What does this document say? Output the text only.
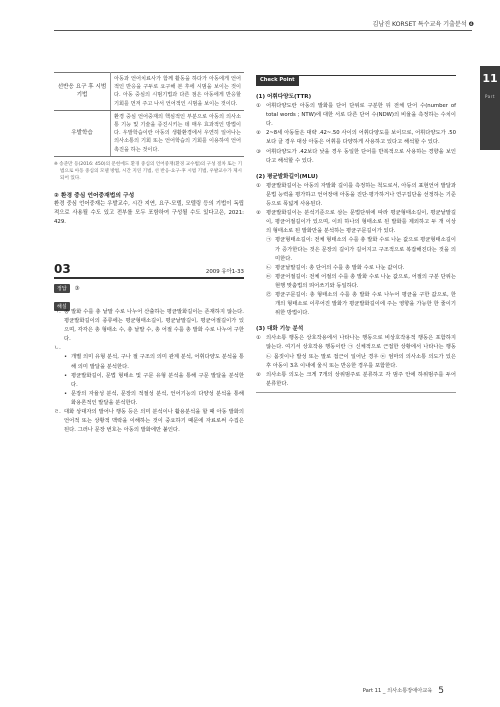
김남진 KORSET 특수교육 기출분석 ❹
11
Part
선반응 요구 후 시범 기법	아동과 언어치료사가 함께 활동을 하다가 아동에게 언어적인 반응을 구두로 요구해 본 후에 시범을 보이는 것이다. 아동 중심의 시범기법과 다른 점은 아동에게 반응할 기회를 먼저 주고 나서 언어적인 시범을 보이는 것이다.
우발학습	환경 중심 언어중재의 핵심적인 부분으로 아동의 의사소통 기능 및 기술을 증진시키는 데 매우 효과적인 방법이다. 우발학습이란 아동의 생활환경에서 우연히 일어나는 의사소통의 기회 또는 언어학습의 기회를 이용하여 언어촉진을 하는 것이다.
※ 송준만 등(2016: 450)의 문헌에도 환경 중심의 언어중재(환경 교수법)의 구성 절차 또는 기법으로 아동 중심의 모델 방법, 시간 지연 기법, 선 반응-요구-후 시범 기법, 우발교수가 제시되어 있다.
② 환경 중심 언어중재법의 구성
환경 중심 언어중재는 우발교수, 시간 지연, 요구-모델, 모델링 등의 기법이 독립적으로 사용될 수도 있고 전부를 모두 포함하여 구성될 수도 있다고은, 2021: 429.
03	2009 유아1-33
정답 ③
해설
ㄱ. 총 발화 수를 총 낱말 수로 나누어 산출하는 평균발화길이는 존재하지 않는다. 평균발화길이의 종류에는 평균형태소길이, 평균낱말길이, 평균어절길이가 있으며, 각각은 총 형태소 수, 총 낱말 수, 총 어절 수를 총 발화 수로 나누어 구한다.
ㄴ.
• 개별 의미 유형 분석, 구나 절 구조의 의미 관계 분석, 어휘다양도 분석을 통해 의미 발달을 분석한다.
• 평균발화길이, 문법 형태소 및 구문 유형 분석을 통해 구문 발달을 분석한다.
• 문장의 자율성 분석, 문장의 적절성 분석, 언어기능의 다양성 분석을 통해 화용론적인 발달을 분석한다.
ㄹ. 대화 상대자의 발어나 행동 등은 의미 분석이나 활용분석을 할 때 아동 발화의 언어적 또는 상황적 맥락을 이해하는 것이 중요하기 때문에 자료로써 수집은 된다. 그러나 문장 번호는 아동의 발화에만 붙인다.
Check Point
(1) 어휘다양도(TTR)
① 어휘다양도란 아동의 발화를 단어 단위로 구분한 뒤 전체 단어 수(number of total words ; NTW)에 대한 서로 다른 단어 수(NDW)의 비율을 측정하는 수치이다.
② 2~8세 아동들은 대략 .42~.50 사이의 어휘다양도를 보이므로, 어휘다양도가 .50보다 클 경우 대상 아동은 어휘를 다양하게 사용하고 있다고 해석할 수 있다.
③ 어휘다양도가 .42보다 낮을 경우 동일한 단어를 반복적으로 사용하는 경향을 보인다고 해석할 수 있다.
(2) 평균발화길이(MLU)
① 평균발화길이는 아동의 자발화 길이를 측정하는 척도로서, 아동의 표현언어 발달과 문법 능력을 평가하고 언어장애 아동을 진단·평가하거나 연구집단을 선정하는 기준 등으로 폭넓게 사용된다.
② 평균발화길이는 분석기준으로 삼는 문법단위에 따라 평균형태소길이, 평균낱말길이, 평균어절길이가 있으며, 이외 하나의 형태소로 된 발화를 제외하고 두 개 이상의 형태소로 된 발화만을 분석하는 평균구문길이가 있다.
㉠ 평균형태소길이: 전체 형태소의 수를 총 발화 수로 나눈 값으로 평균형태소길이가 증가한다는 것은 문장의 길이가 길어지고 구조적으로 복잡해진다는 것을 의미한다.
㉡ 평균낱말길이: 총 단어의 수를 총 발화 수로 나눈 값이다.
㉢ 평균어절길이: 전체 어절의 수를 총 발화 수로 나눈 값으로, 어절의 구분 단위는 현행 맞춤법의 띄어쓰기와 동일하다.
㉣ 평균구문길이: 총 형태소의 수를 총 발화 수로 나누어 평균을 구한 값으로, 한 개의 형태소로 이루어진 발화가 평균발화길이에 주는 영향을 가능한 한 줄이기 위한 방법이다.
(3) 대화 기능 분석
① 의사소통 행동은 상호작용에서 나타나는 행동으로 비상호작용적 행동은 포함하지 않는다. 여기서 상호작용 행동이란 ㉠ 신체적으로 근접한 상황에서 나타나는 행동 ㉡ 몸짓이나 발성 또는 말로 접근이 일어난 경우 ㉢ 엄마의 의사소통 의도가 있은 후 아동이 3초 이내에 울식 또는 반응한 경우를 포함한다.
② 의사소통 의도는 크게 7개의 상위범주로 분류하고 각 범주 안에 하위범주를 두어 분류한다.
Part 11 _ 의사소통장애아교육 5
